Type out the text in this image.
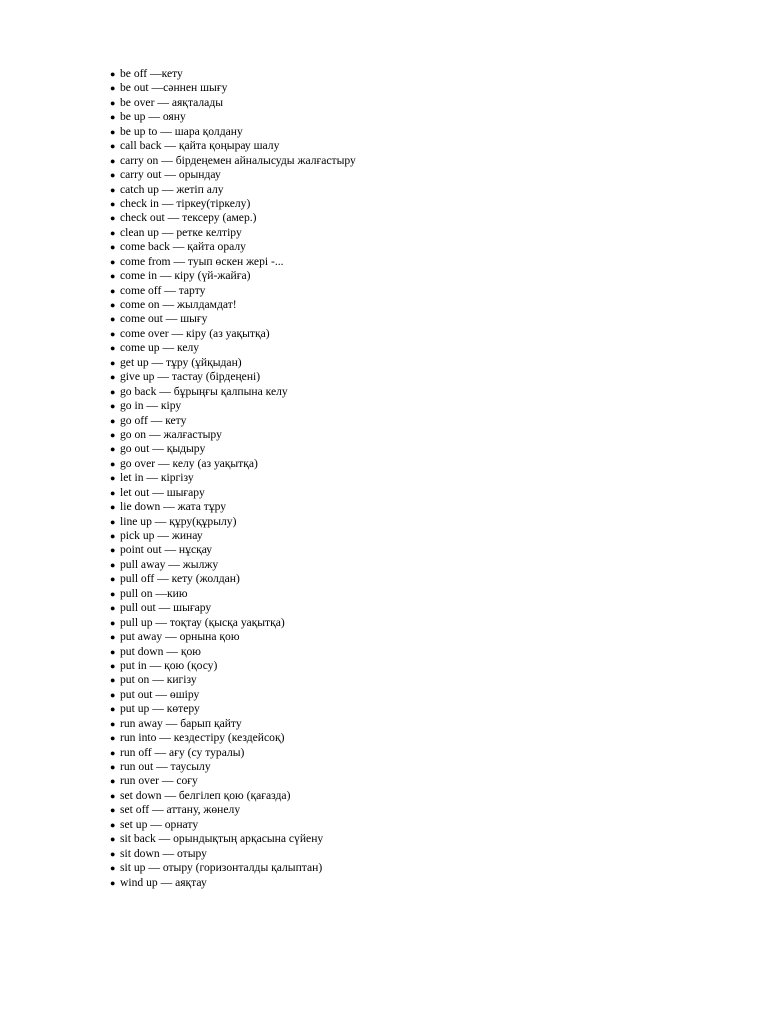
● be off —кету
● be out —сәннен шығу
● be over — аяқталады
● be up — ояну
● be up to — шара қолдану
● call back — қайта қоңырау шалу
● carry on — бірдеңемен айналысуды жалғастыру
● carry out — орындау
● catch up — жетіп алу
● check in — тіркеу(тіркелу)
● check out — тексеру (амер.)
● clean up — ретке келтіру
● come back — қайта оралу
● come from — туып өскен жері -...
● come in — кіру (үй-жайға)
● come off — тарту
● come on — жылдамдат!
● come out — шығу
● come over — кіру (аз уақытқа)
● come up — келу
● get up — тұру (ұйқыдан)
● give up — тастау (бірдеңені)
● go back — бұрыңғы қалпына келу
● go in — кіру
● go off — кету
● go on — жалғастыру
● go out — қыдыру
● go over — келу (аз уақытқа)
● let in — кіргізу
● let out — шығару
● lie down — жата тұру
● line up — құру(құрылу)
● pick up — жинау
● point out — нұсқау
● pull away — жылжу
● pull off — кету (жолдан)
● pull on —кию
● pull out — шығару
● pull up — тоқтау (қысқа уақытқа)
● put away — орнына қою
● put down — қою
● put in — қою (қосу)
● put on — кигізу
● put out — өшіру
● put up — көтеру
● run away — барып қайту
● run into — кездестіру (кездейсоқ)
● run off — ағу (су туралы)
● run out — таусылу
● run over — соғу
● set down — белгілеп қою (қағазда)
● set off — аттану, жөнелу
● set up — орнату
● sit back — орындықтың арқасына сүйену
● sit down — отыру
● sit up — отыру (горизонталды қалыптан)
● wind up — аяқтау
